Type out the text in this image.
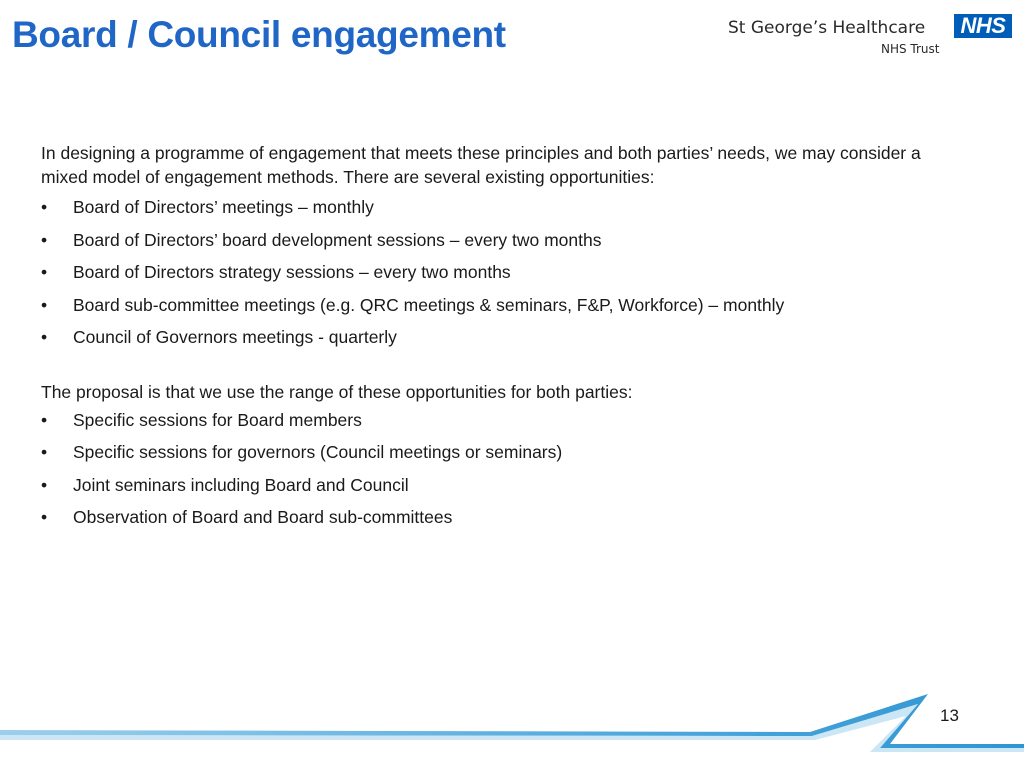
Board / Council engagement	St George’s Healthcare NHS
NHS Trust

In designing a programme of engagement that meets these principles and both parties’ needs, we may consider a mixed model of engagement methods. There are several existing opportunities:

• Board of Directors’ meetings – monthly
• Board of Directors’ board development sessions – every two months
• Board of Directors strategy sessions – every two months
• Board sub-committee meetings (e.g. QRC meetings & seminars, F&P, Workforce) – monthly
• Council of Governors meetings - quarterly

The proposal is that we use the range of these opportunities for both parties:

• Specific sessions for Board members
• Specific sessions for governors (Council meetings or seminars)
• Joint seminars including Board and Council
• Observation of Board and Board sub-committees
13
